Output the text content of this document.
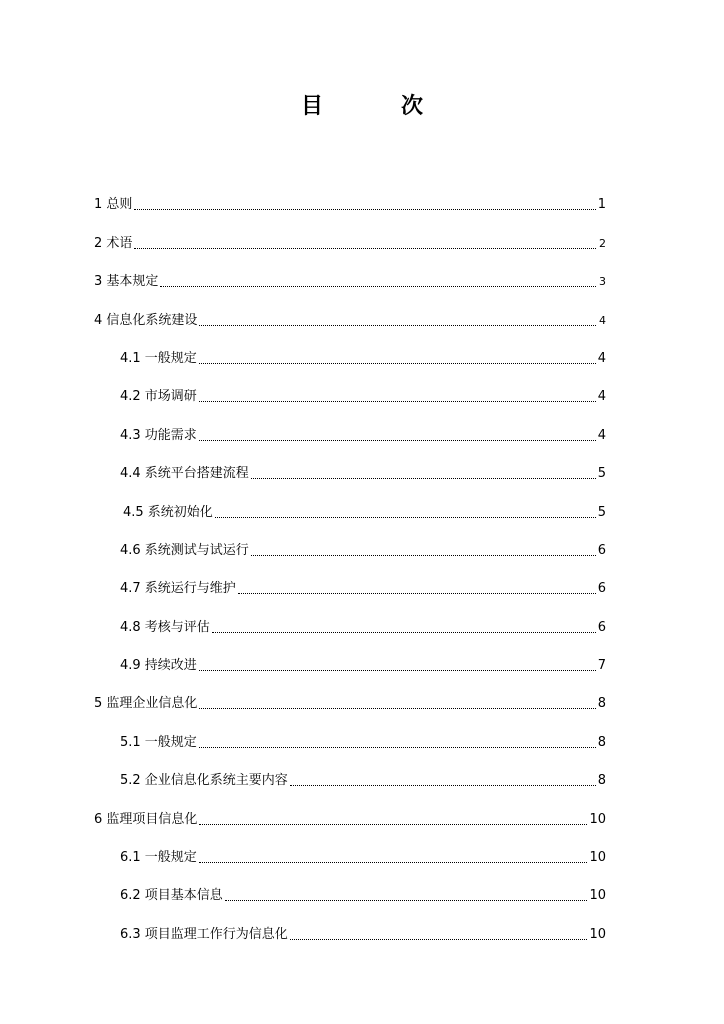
目　次
1 总则	1
2 术语	2
3 基本规定	3
4 信息化系统建设	4
4.1 一般规定	4
4.2 市场调研	4
4.3 功能需求	4
4.4 系统平台搭建流程	5
4.5 系统初始化	5
4.6 系统测试与试运行	6
4.7 系统运行与维护	6
4.8 考核与评估	6
4.9 持续改进	7
5 监理企业信息化	8
5.1 一般规定	8
5.2 企业信息化系统主要内容	8
6 监理项目信息化	10
6.1 一般规定	10
6.2 项目基本信息	10
6.3 项目监理工作行为信息化	10
